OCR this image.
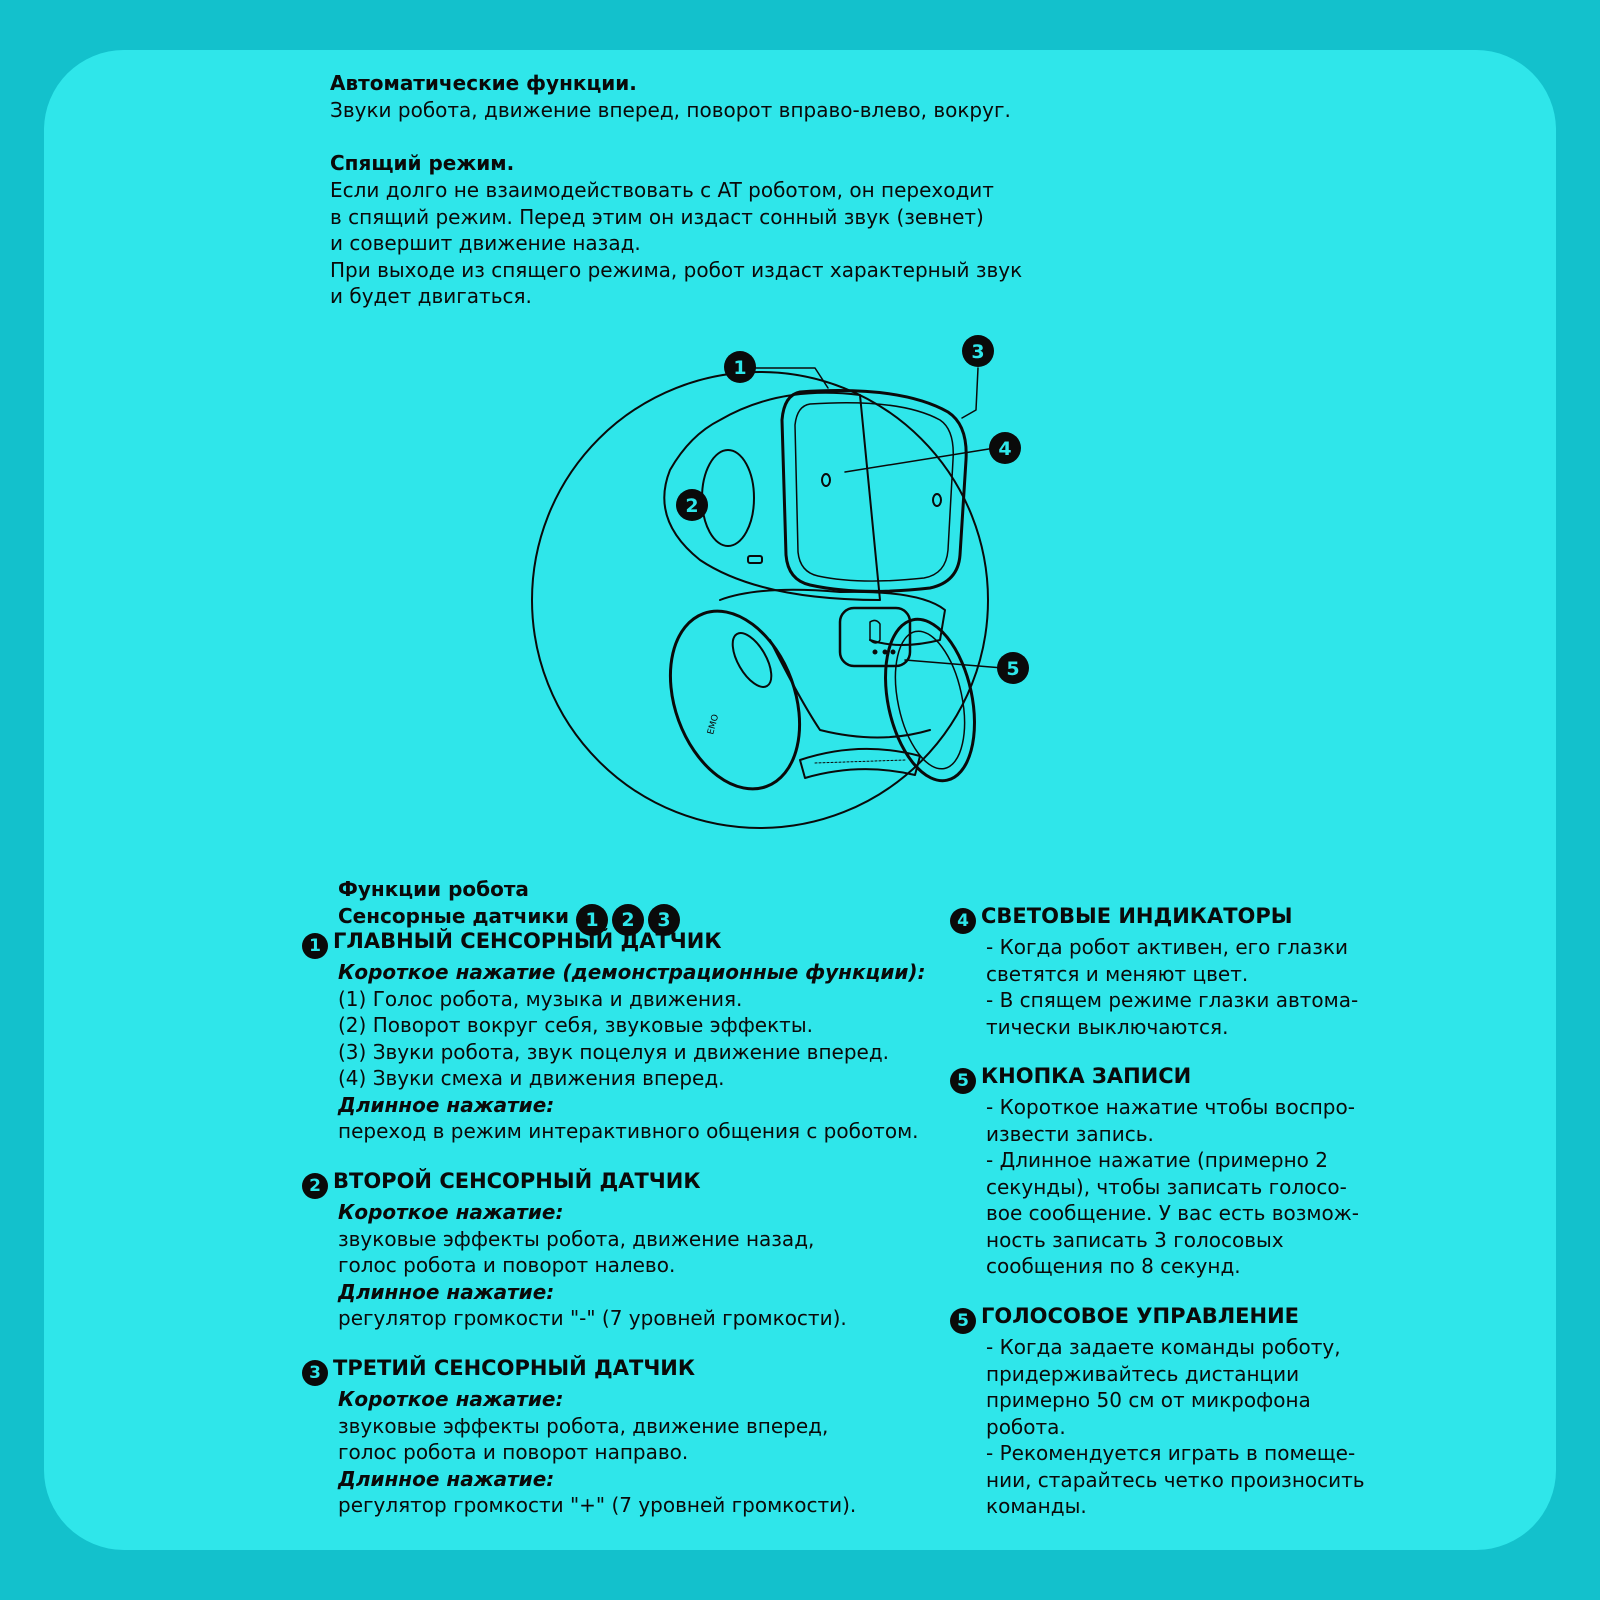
Автоматические функции.
Звуки робота, движение вперед, поворот вправо-влево, вокруг.
Спящий режим.
Если долго не взаимодействовать с AT роботом, он переходит
в спящий режим. Перед этим он издаст сонный звук (зевнет)
и совершит движение назад.
При выходе из спящего режима, робот издаст характерный звук
и будет двигаться.
1
2
3
4
5
EMO
Функции робота
Сенсорные датчики 1 2 3
1 ГЛАВНЫЙ СЕНСОРНЫЙ ДАТЧИК
Короткое нажатие (демонстрационные функции):
(1) Голос робота, музыка и движения.
(2) Поворот вокруг себя, звуковые эффекты.
(3) Звуки робота, звук поцелуя и движение вперед.
(4) Звуки смеха и движения вперед.
Длинное нажатие:
переход в режим интерактивного общения с роботом.
2 ВТОРОЙ СЕНСОРНЫЙ ДАТЧИК
Короткое нажатие:
звуковые эффекты робота, движение назад,
голос робота и поворот налево.
Длинное нажатие:
регулятор громкости "-" (7 уровней громкости).
3 ТРЕТИЙ СЕНСОРНЫЙ ДАТЧИК
Короткое нажатие:
звуковые эффекты робота, движение вперед,
голос робота и поворот направо.
Длинное нажатие:
регулятор громкости "+" (7 уровней громкости).
4 СВЕТОВЫЕ ИНДИКАТОРЫ
- Когда робот активен, его глазки
светятся и меняют цвет.
- В спящем режиме глазки автома-
тически выключаются.
5 КНОПКА ЗАПИСИ
- Короткое нажатие чтобы воспро-
извести запись.
- Длинное нажатие (примерно 2
секунды), чтобы записать голосо-
вое сообщение. У вас есть возмож-
ность записать 3 голосовых
сообщения по 8 секунд.
5 ГОЛОСОВОЕ УПРАВЛЕНИЕ
- Когда задаете команды роботу,
придерживайтесь дистанции
примерно 50 см от микрофона
робота.
- Рекомендуется играть в помеще-
нии, старайтесь четко произносить
команды.
